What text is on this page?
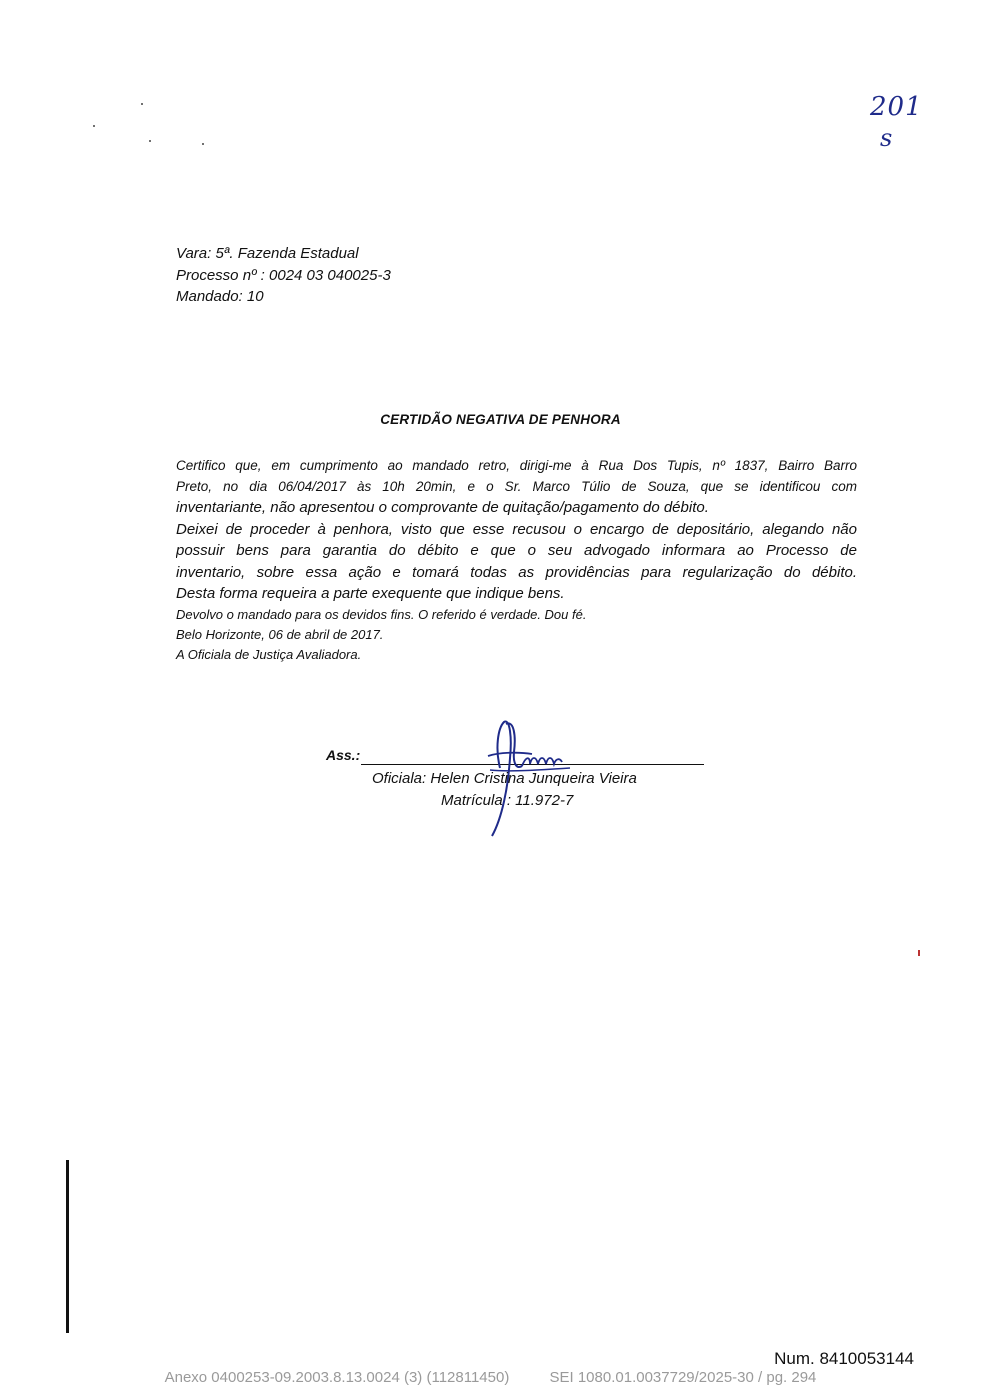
201
s
Vara: 5ª. Fazenda Estadual
Processo nº : 0024 03 040025-3
Mandado: 10
CERTIDÃO NEGATIVA DE PENHORA
Certifico que, em cumprimento ao mandado retro, dirigi-me à Rua Dos Tupis, nº 1837, Bairro Barro
Preto, no dia 06/04/2017 às 10h 20min, e o Sr. Marco Túlio de Souza, que se identificou com
inventariante, não apresentou o comprovante de quitação/pagamento do débito.
Deixei de proceder à penhora, visto que esse recusou o encargo de depositário, alegando não
possuir bens para garantia do débito e que o seu advogado informara ao Processo de
inventario, sobre essa ação e tomará todas as providências para regularização do débito.
Desta forma requeira a parte exequente que indique bens.
Devolvo o mandado para os devidos fins. O referido é verdade. Dou fé.
Belo Horizonte, 06 de abril de 2017.
A Oficiala de Justiça Avaliadora.
Ass.:
Oficiala: Helen Cristina Junqueira Vieira
Matrícula : 11.972-7
Num. 8410053144
Anexo 0400253-09.2003.8.13.0024 (3) (112811450)	SEI 1080.01.0037729/2025-30 / pg. 294
